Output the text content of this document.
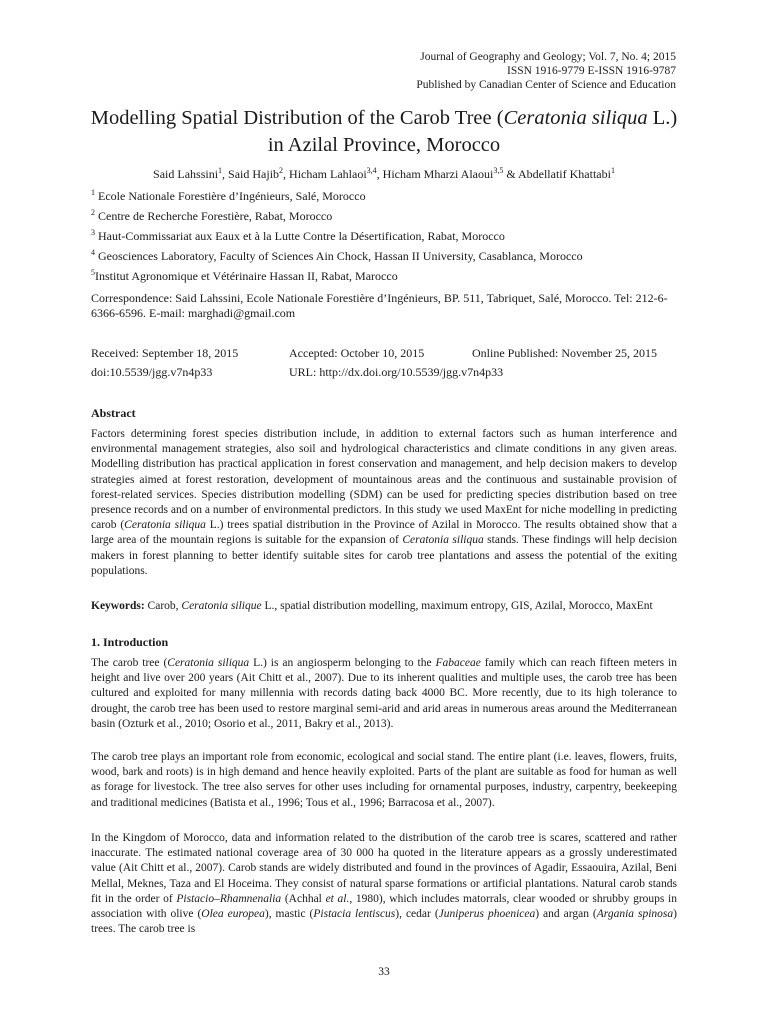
Journal of Geography and Geology; Vol. 7, No. 4; 2015
ISSN 1916-9779 E-ISSN 1916-9787
Published by Canadian Center of Science and Education
Modelling Spatial Distribution of the Carob Tree (Ceratonia siliqua L.)
in Azilal Province, Morocco
Said Lahssini$^1$, Said Hajib$^2$, Hicham Lahlaoi$^{3,4}$, Hicham Mharzi Alaoui$^{3,5}$ & Abdellatif Khattabi$^1$
$^1$ Ecole Nationale Forestière d’Ingénieurs, Salé, Morocco
$^2$ Centre de Recherche Forestière, Rabat, Morocco
$^3$ Haut-Commissariat aux Eaux et à la Lutte Contre la Désertification, Rabat, Morocco
$^4$ Geosciences Laboratory, Faculty of Sciences Ain Chock, Hassan II University, Casablanca, Morocco
$^5$Institut Agronomique et Vétérinaire Hassan II, Rabat, Marocco
Correspondence: Said Lahssini, Ecole Nationale Forestière d’Ingénieurs, BP. 511, Tabriquet, Salé, Morocco. Tel: 212-6-6366-6596. E-mail: marghadi@gmail.com
Received: September 18, 2015	Accepted: October 10, 2015	Online Published: November 25, 2015
doi:10.5539/jgg.v7n4p33	URL: http://dx.doi.org/10.5539/jgg.v7n4p33
Abstract
Factors determining forest species distribution include, in addition to external factors such as human interference and environmental management strategies, also soil and hydrological characteristics and climate conditions in any given areas. Modelling distribution has practical application in forest conservation and management, and help decision makers to develop strategies aimed at forest restoration, development of mountainous areas and the continuous and sustainable provision of forest-related services. Species distribution modelling (SDM) can be used for predicting species distribution based on tree presence records and on a number of environmental predictors. In this study we used MaxEnt for niche modelling in predicting carob (Ceratonia siliqua L.) trees spatial distribution in the Province of Azilal in Morocco. The results obtained show that a large area of the mountain regions is suitable for the expansion of Ceratonia siliqua stands. These findings will help decision makers in forest planning to better identify suitable sites for carob tree plantations and assess the potential of the exiting populations.
Keywords: Carob, Ceratonia silique L., spatial distribution modelling, maximum entropy, GIS, Azilal, Morocco, MaxEnt
1. Introduction
The carob tree (Ceratonia siliqua L.) is an angiosperm belonging to the Fabaceae family which can reach fifteen meters in height and live over 200 years (Ait Chitt et al., 2007). Due to its inherent qualities and multiple uses, the carob tree has been cultured and exploited for many millennia with records dating back 4000 BC. More recently, due to its high tolerance to drought, the carob tree has been used to restore marginal semi-arid and arid areas in numerous areas around the Mediterranean basin (Ozturk et al., 2010; Osorio et al., 2011, Bakry et al., 2013).
The carob tree plays an important role from economic, ecological and social stand. The entire plant (i.e. leaves, flowers, fruits, wood, bark and roots) is in high demand and hence heavily exploited. Parts of the plant are suitable as food for human as well as forage for livestock. The tree also serves for other uses including for ornamental purposes, industry, carpentry, beekeeping and traditional medicines (Batista et al., 1996; Tous et al., 1996; Barracosa et al., 2007).
In the Kingdom of Morocco, data and information related to the distribution of the carob tree is scares, scattered and rather inaccurate. The estimated national coverage area of 30 000 ha quoted in the literature appears as a grossly underestimated value (Ait Chitt et al., 2007). Carob stands are widely distributed and found in the provinces of Agadir, Essaouira, Azilal, Beni Mellal, Meknes, Taza and El Hoceima. They consist of natural sparse formations or artificial plantations. Natural carob stands fit in the order of Pistacio–Rhamnenalia (Achhal et al., 1980), which includes matorrals, clear wooded or shrubby groups in association with olive (Olea europea), mastic (Pistacia lentiscus), cedar (Juniperus phoenicea) and argan (Argania spinosa) trees. The carob tree is
33
